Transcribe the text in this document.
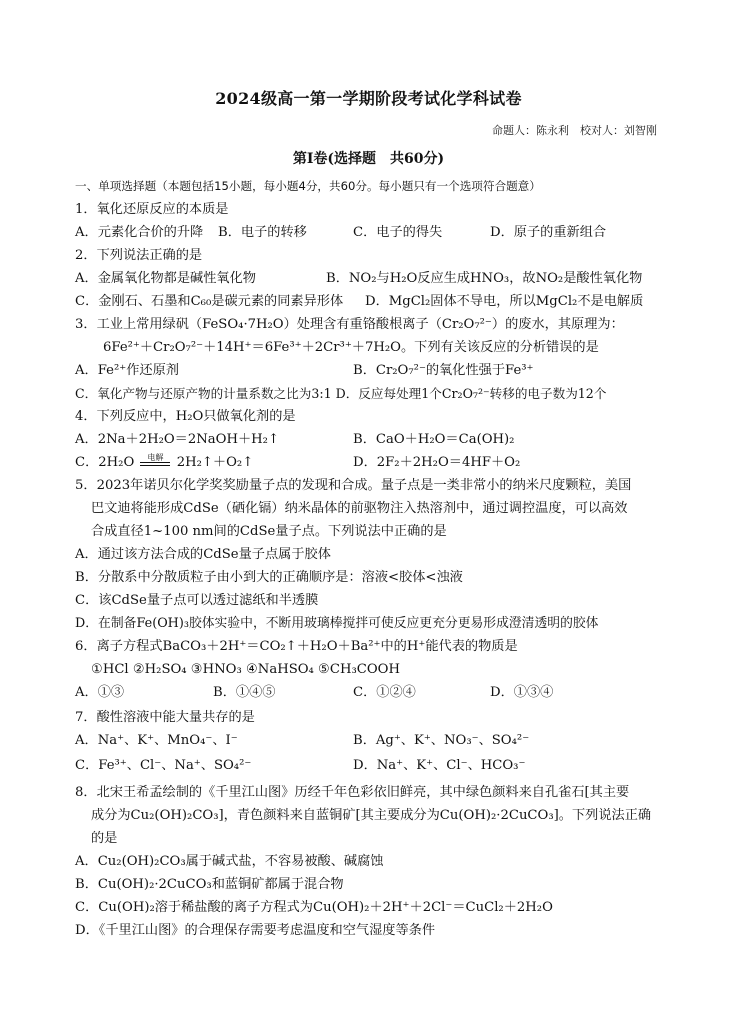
2024级高一第一学期阶段考试化学科试卷
命题人：陈永利　校对人：刘智刚
第Ⅰ卷(选择题　共60分)
一、单项选择题（本题包括15小题，每小题4分，共60分。每小题只有一个选项符合题意）
1．氧化还原反应的本质是
A．元素化合价的升降 B．电子的转移	C．电子的得失	D．原子的重新组合
2．下列说法正确的是
A．金属氧化物都是碱性氧化物	B．NO₂与H₂O反应生成HNO₃，故NO₂是酸性氧化物
C．金刚石、石墨和C₆₀是碳元素的同素异形体 D．MgCl₂固体不导电，所以MgCl₂不是电解质
3．工业上常用绿矾（FeSO₄·7H₂O）处理含有重铬酸根离子（Cr₂O₇²⁻）的废水，其原理为：
6Fe²⁺＋Cr₂O₇²⁻＋14H⁺＝6Fe³⁺＋2Cr³⁺＋7H₂O。下列有关该反应的分析错误的是
A．Fe²⁺作还原剂	B．Cr₂O₇²⁻的氧化性强于Fe³⁺
C．氧化产物与还原产物的计量系数之比为3:1 D．反应每处理1个Cr₂O₇²⁻转移的电子数为12个
4．下列反应中，H₂O只做氧化剂的是
A．2Na＋2H₂O＝2NaOH＋H₂↑	B．CaO＋H₂O＝Ca(OH)₂
C．2H₂O	电解	2H₂↑＋O₂↑	D．2F₂＋2H₂O＝4HF＋O₂
5．2023年诺贝尔化学奖奖励量子点的发现和合成。量子点是一类非常小的纳米尺度颗粒，美国
巴文迪将能形成CdSe（硒化镉）纳米晶体的前驱物注入热溶剂中，通过调控温度，可以高效
合成直径1~100 nm间的CdSe量子点。下列说法中正确的是
A．通过该方法合成的CdSe量子点属于胶体
B．分散系中分散质粒子由小到大的正确顺序是：溶液<胶体<浊液
C．该CdSe量子点可以透过滤纸和半透膜
D．在制备Fe(OH)₃胶体实验中，不断用玻璃棒搅拌可使反应更充分更易形成澄清透明的胶体
6．离子方程式BaCO₃＋2H⁺＝CO₂↑＋H₂O＋Ba²⁺中的H⁺能代表的物质是
①HCl ②H₂SO₄ ③HNO₃ ④NaHSO₄ ⑤CH₃COOH
A．①③	B．①④⑤	C．①②④	D．①③④
7．酸性溶液中能大量共存的是
A．Na⁺、K⁺、MnO₄⁻、I⁻	B．Ag⁺、K⁺、NO₃⁻、SO₄²⁻
C．Fe³⁺、Cl⁻、Na⁺、SO₄²⁻	D．Na⁺、K⁺、Cl⁻、HCO₃⁻
8．北宋王希孟绘制的《千里江山图》历经千年色彩依旧鲜亮，其中绿色颜料来自孔雀石[其主要
成分为Cu₂(OH)₂CO₃]，青色颜料来自蓝铜矿[其主要成分为Cu(OH)₂·2CuCO₃]。下列说法正确
的是
A．Cu₂(OH)₂CO₃属于碱式盐，不容易被酸、碱腐蚀
B．Cu(OH)₂·2CuCO₃和蓝铜矿都属于混合物
C．Cu(OH)₂溶于稀盐酸的离子方程式为Cu(OH)₂＋2H⁺＋2Cl⁻＝CuCl₂＋2H₂O
D．《千里江山图》的合理保存需要考虑温度和空气湿度等条件
